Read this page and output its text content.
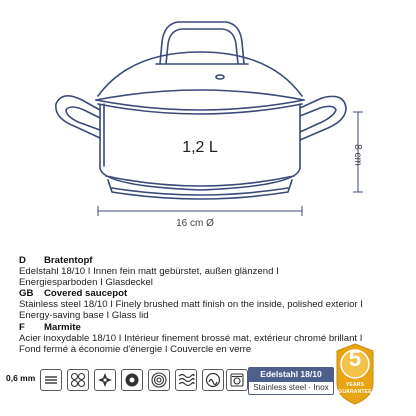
1,2 L
16 cm Ø
8 cm
D Bratentopf
Edelstahl 18/10 I Innen fein matt gebürstet, außen glänzend I
Energiesparboden I Glasdeckel
GB Covered saucepot
Stainless steel 18/10 I Finely brushed matt finish on the inside, polished exterior I
Energy-saving base I Glass lid
F Marmite
Acier inoxydable 18/10 I Intérieur finement brossé mat, extérieur chromé brillant I
Fond fermé à économie d'énergie I Couvercle en verre
0,6 mm	Edelstahl 18/10
Stainless steel · Inox
5
YEARS
GUARANTEE
